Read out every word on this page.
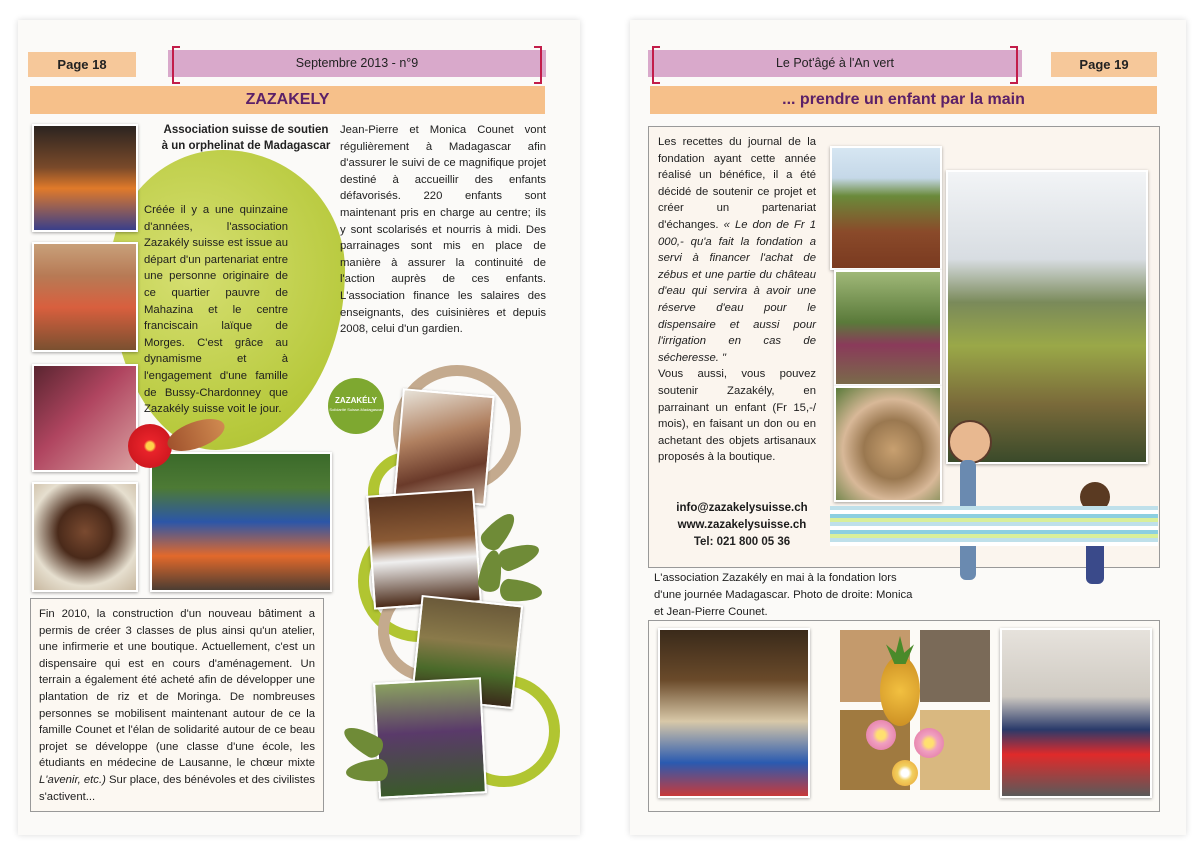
Page 18	Septembre 2013 - n°9
ZAZAKELY
Association suisse de soutien
à un orphelinat de Madagascar
Créée il y a une quinzaine d'années, l'association Zazakély suisse est issue au départ d'un partenariat entre une personne originaire de ce quartier pauvre de Mahazina et le centre franciscain laïque de Morges. C'est grâce au dynamisme et à l'engagement d'une famille de Bussy-Chardonney que Zazakély suisse voit le jour.
Jean-Pierre et Monica Counet vont régulièrement à Madagascar afin d'assurer le suivi de ce magnifique projet destiné à accueillir des enfants défavorisés. 220 enfants sont maintenant pris en charge au centre; ils y sont scolarisés et nourris à midi. Des parrainages sont mis en place de manière à assurer la continuité de l'action auprès de ces enfants. L'association finance les salaires des enseignants, des cuisinières et depuis 2008, celui d'un gardien.
ZAZAKÉLY
Solidarité Suisse-Madagascar
Fin 2010, la construction d'un nouveau bâtiment a permis de créer 3 classes de plus ainsi qu'un atelier, une infirmerie et une boutique. Actuellement, c'est un dispensaire qui est en cours d'aménagement. Un terrain a également été acheté afin de développer une plantation de riz et de Moringa. De nombreuses personnes se mobilisent maintenant autour de ce la famille Counet et l'élan de solidarité autour de ce beau projet se développe (une classe d'une école, les étudiants en médecine de Lausanne, le chœur mixte L'avenir, etc.) Sur place, des bénévoles et des civilistes s'activent...
Le Pot'âgé à l'An vert	Page 19
... prendre un enfant par la main
Les recettes du journal de la fondation ayant cette année réalisé un bénéfice, il a été décidé de soutenir ce projet et créer un partenariat d'échanges. « Le don de Fr 1 000,- qu'a fait la fondation a servi à financer l'achat de zébus et une partie du château d'eau qui servira à avoir une réserve d'eau pour le dispensaire et aussi pour l'irrigation en cas de sécheresse. "
Vous aussi, vous pouvez soutenir Zazakély, en parrainant un enfant (Fr 15,-/ mois), en faisant un don ou en achetant des objets artisanaux proposés à la boutique.
info@zazakelysuisse.ch
www.zazakelysuisse.ch
Tel: 021 800 05 36
L'association Zazakély en mai à la fondation lors d'une journée Madagascar. Photo de droite: Monica et Jean-Pierre Counet.
